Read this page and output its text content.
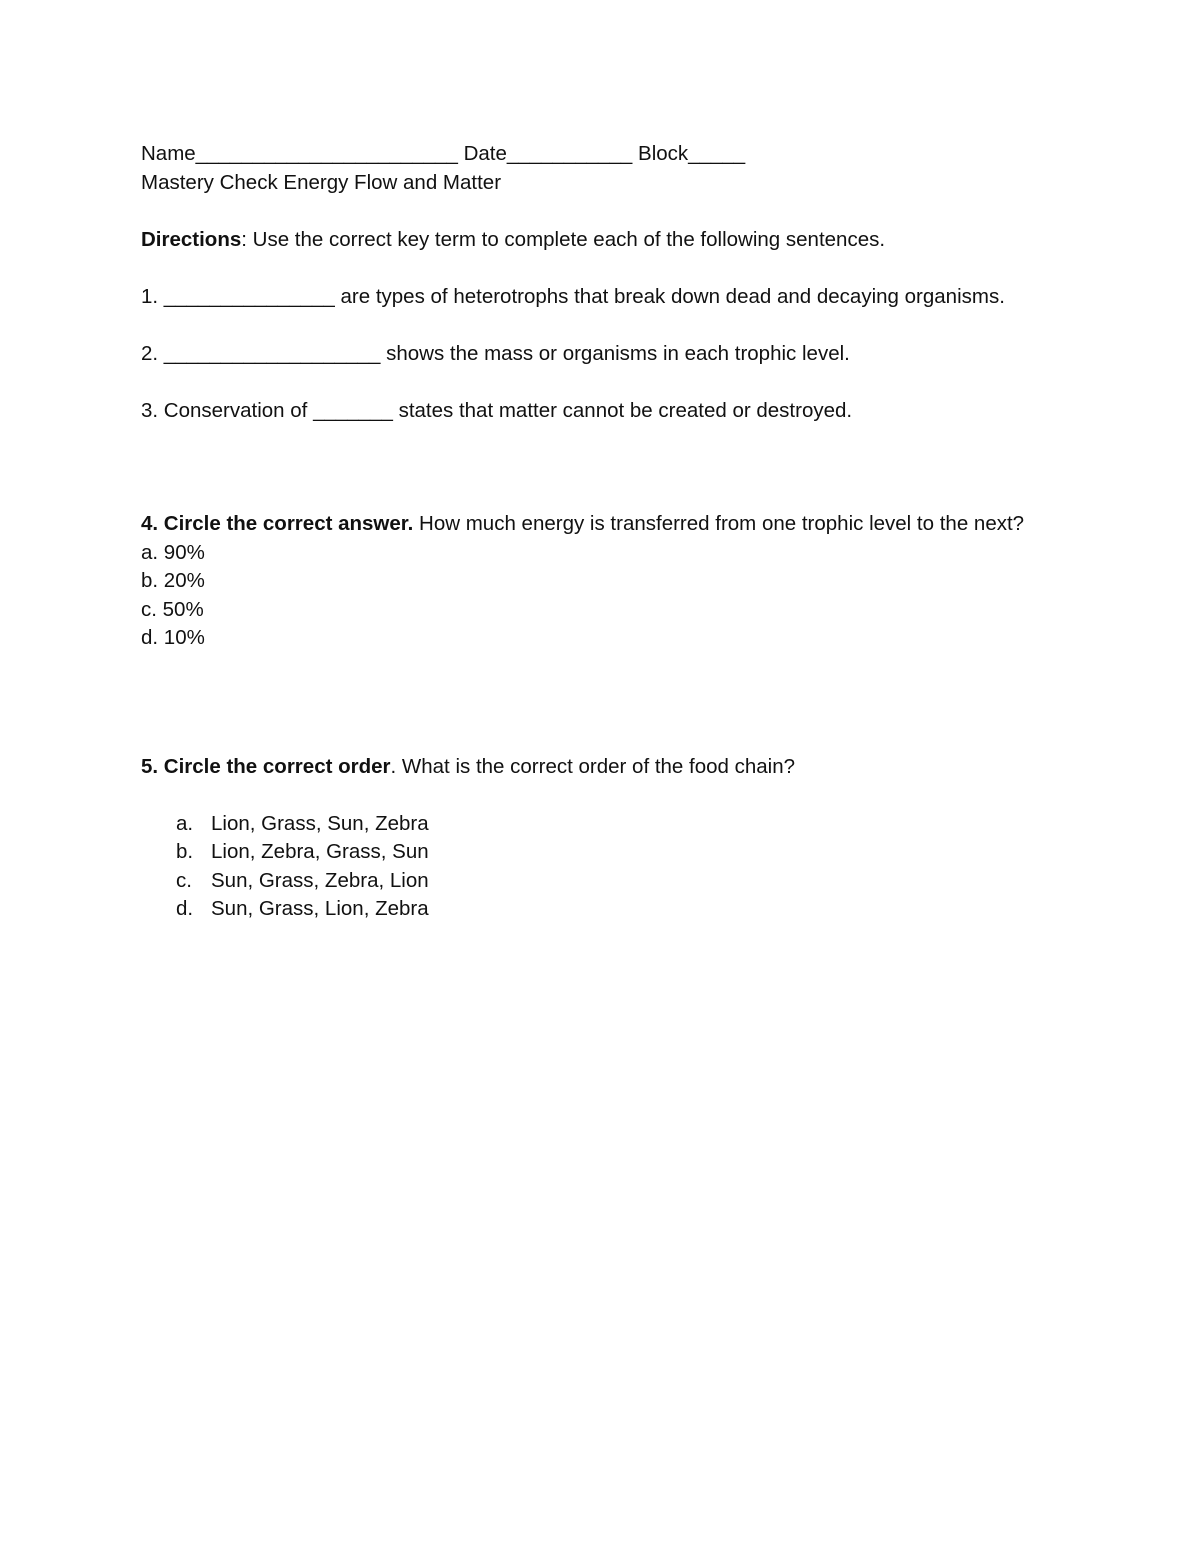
Name_______________________ Date___________ Block_____

Mastery Check Energy Flow and Matter

Directions: Use the correct key term to complete each of the following sentences.

1. _______________ are types of heterotrophs that break down dead and decaying organisms.

2. ___________________ shows the mass or organisms in each trophic level.

3. Conservation of _______ states that matter cannot be created or destroyed.

4. Circle the correct answer. How much energy is transferred from one trophic level to the next?

a. 90%
b. 20%
c. 50%
d. 10%

5. Circle the correct order. What is the correct order of the food chain?

a. Lion, Grass, Sun, Zebra
b. Lion, Zebra, Grass, Sun
c. Sun, Grass, Zebra, Lion
d. Sun, Grass, Lion, Zebra
